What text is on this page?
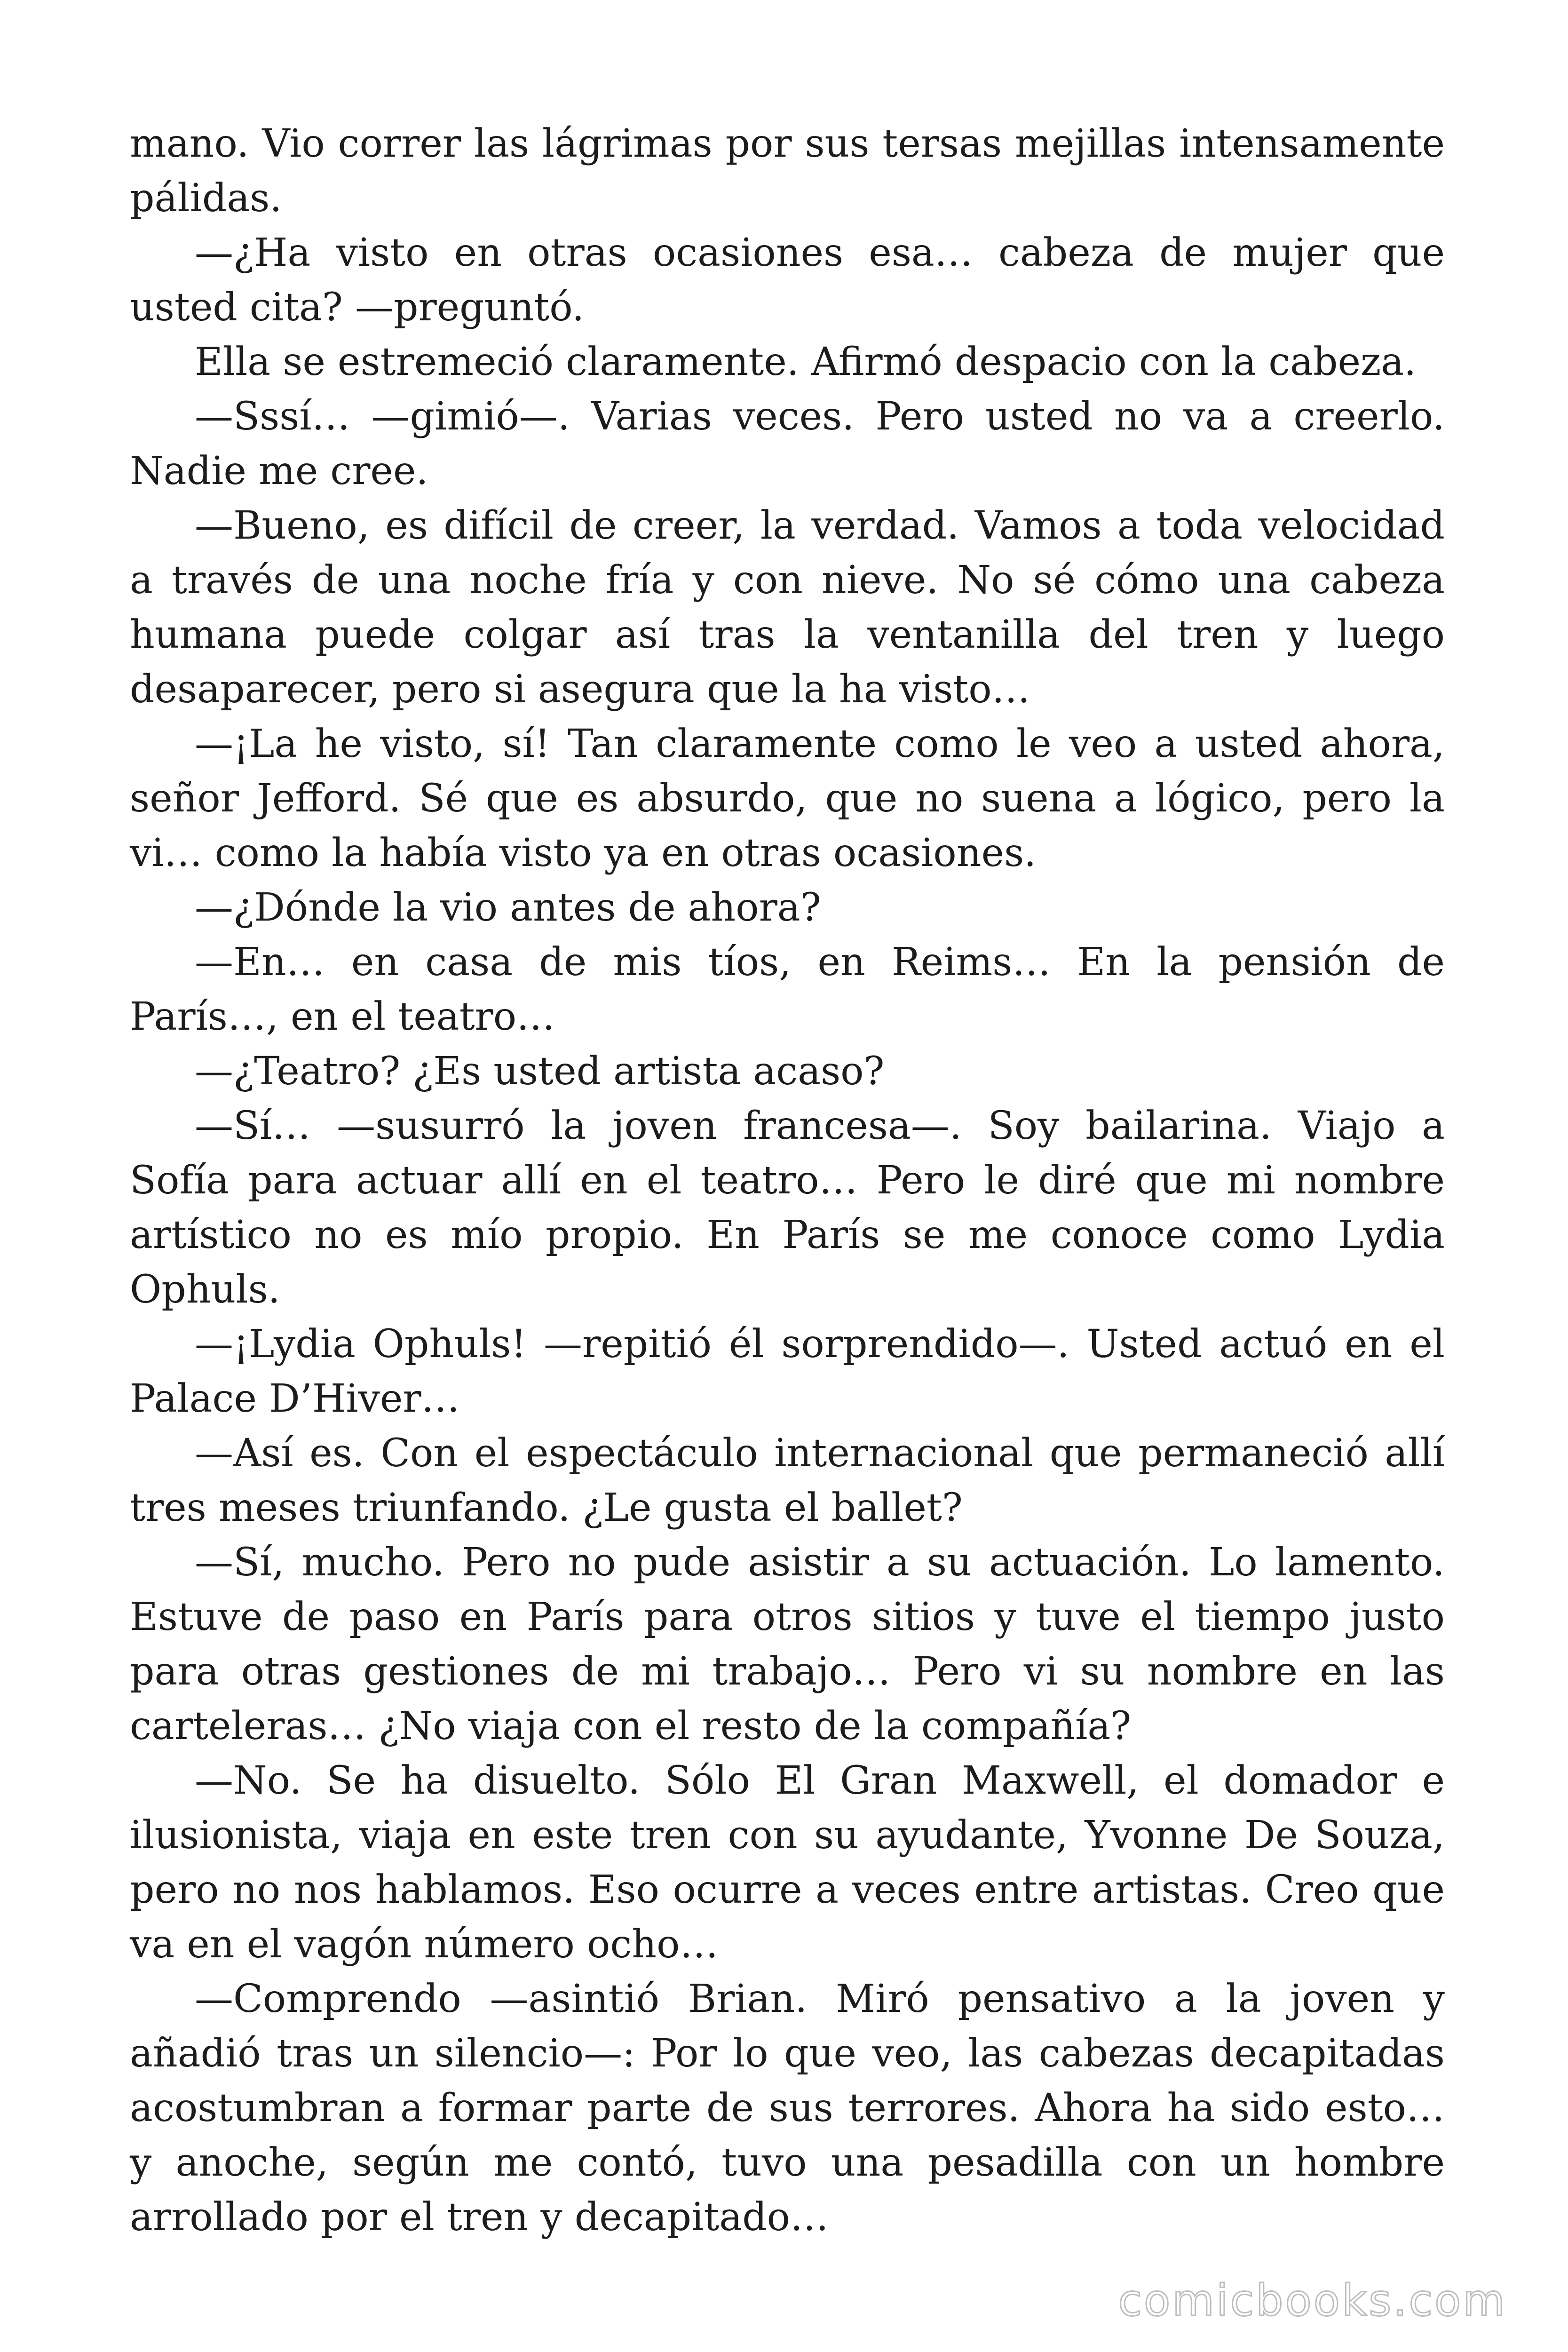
mano. Vio correr las lágrimas por sus tersas mejillas intensamente pálidas.

—¿Ha visto en otras ocasiones esa… cabeza de mujer que usted cita? —preguntó.

Ella se estremeció claramente. Afirmó despacio con la cabeza.

—Sssí… —gimió—. Varias veces. Pero usted no va a creerlo. Nadie me cree.

—Bueno, es difícil de creer, la verdad. Vamos a toda velocidad a través de una noche fría y con nieve. No sé cómo una cabeza humana puede colgar así tras la ventanilla del tren y luego desaparecer, pero si asegura que la ha visto…

—¡La he visto, sí! Tan claramente como le veo a usted ahora, señor Jefford. Sé que es absurdo, que no suena a lógico, pero la vi… como la había visto ya en otras ocasiones.

—¿Dónde la vio antes de ahora?

—En… en casa de mis tíos, en Reims… En la pensión de París…, en el teatro…

—¿Teatro? ¿Es usted artista acaso?

—Sí… —susurró la joven francesa—. Soy bailarina. Viajo a Sofía para actuar allí en el teatro… Pero le diré que mi nombre artístico no es mío propio. En París se me conoce como Lydia Ophuls.

—¡Lydia Ophuls! —repitió él sorprendido—. Usted actuó en el Palace D’Hiver…

—Así es. Con el espectáculo internacional que permaneció allí tres meses triunfando. ¿Le gusta el ballet?

—Sí, mucho. Pero no pude asistir a su actuación. Lo lamento. Estuve de paso en París para otros sitios y tuve el tiempo justo para otras gestiones de mi trabajo… Pero vi su nombre en las carteleras… ¿No viaja con el resto de la compañía?

—No. Se ha disuelto. Sólo El Gran Maxwell, el domador e ilusionista, viaja en este tren con su ayudante, Yvonne De Souza, pero no nos hablamos. Eso ocurre a veces entre artistas. Creo que va en el vagón número ocho…

—Comprendo —asintió Brian. Miró pensativo a la joven y añadió tras un silencio—: Por lo que veo, las cabezas decapitadas acostumbran a formar parte de sus terrores. Ahora ha sido esto… y anoche, según me contó, tuvo una pesadilla con un hombre arrollado por el tren y decapitado…

comicbooks.com
